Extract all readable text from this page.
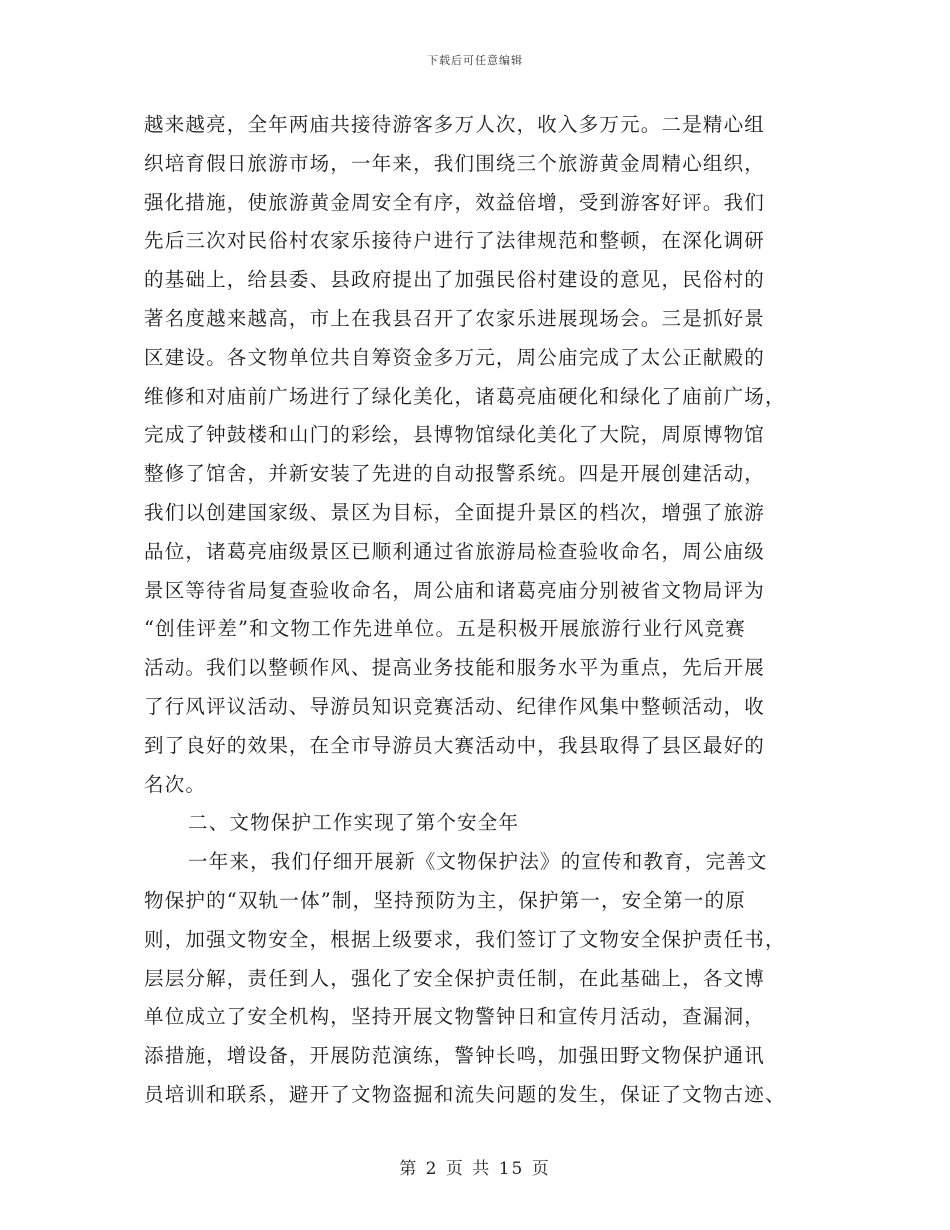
下载后可任意编辑
越来越亮，全年两庙共接待游客多万人次，收入多万元。二是精心组
织培育假日旅游市场，一年来，我们围绕三个旅游黄金周精心组织，
强化措施，使旅游黄金周安全有序，效益倍增，受到游客好评。我们
先后三次对民俗村农家乐接待户进行了法律规范和整顿，在深化调研
的基础上，给县委、县政府提出了加强民俗村建设的意见，民俗村的
著名度越来越高，市上在我县召开了农家乐进展现场会。三是抓好景
区建设。各文物单位共自筹资金多万元，周公庙完成了太公正献殿的
维修和对庙前广场进行了绿化美化，诸葛亮庙硬化和绿化了庙前广场，
完成了钟鼓楼和山门的彩绘，县博物馆绿化美化了大院，周原博物馆
整修了馆舍，并新安装了先进的自动报警系统。四是开展创建活动，
我们以创建国家级、景区为目标，全面提升景区的档次，增强了旅游
品位，诸葛亮庙级景区已顺利通过省旅游局检查验收命名，周公庙级
景区等待省局复查验收命名，周公庙和诸葛亮庙分别被省文物局评为
“创佳评差”和文物工作先进单位。五是积极开展旅游行业行风竞赛
活动。我们以整顿作风、提高业务技能和服务水平为重点，先后开展
了行风评议活动、导游员知识竞赛活动、纪律作风集中整顿活动，收
到了良好的效果，在全市导游员大赛活动中，我县取得了县区最好的
名次。
二、文物保护工作实现了第个安全年
一年来，我们仔细开展新《文物保护法》的宣传和教育，完善文
物保护的“双轨一体”制，坚持预防为主，保护第一，安全第一的原
则，加强文物安全，根据上级要求，我们签订了文物安全保护责任书，
层层分解，责任到人，强化了安全保护责任制，在此基础上，各文博
单位成立了安全机构，坚持开展文物警钟日和宣传月活动，查漏洞，
添措施，增设备，开展防范演练，警钟长鸣，加强田野文物保护通讯
员培训和联系，避开了文物盗掘和流失问题的发生，保证了文物古迹、
第 2 页 共 15 页
